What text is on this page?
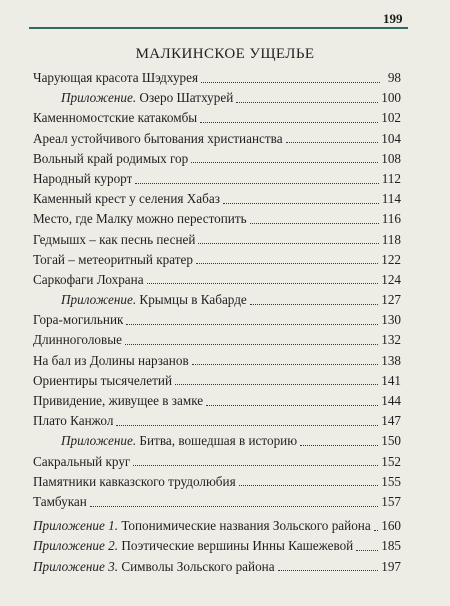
199
МАЛКИНСКОЕ УЩЕЛЬЕ
Чарующая красота Шэдхурея	98
Приложение. Озеро Шатхурей	100
Каменномостские катакомбы	102
Ареал устойчивого бытования христианства	104
Вольный край родимых гор	108
Народный курорт	112
Каменный крест у селения Хабаз	114
Место, где Малку можно перестопить	116
Гедмышх – как песнь песней	118
Тогай – метеоритный кратер	122
Саркофаги Лохрана	124
Приложение. Крымцы в Кабарде	127
Гора-могильник	130
Длинноголовые	132
На бал из Долины нарзанов	138
Ориентиры тысячелетий	141
Привидение, живущее в замке	144
Плато Канжол	147
Приложение. Битва, вошедшая в историю	150
Сакральный круг	152
Памятники кавказского трудолюбия	155
Тамбукан	157
Приложение 1. Топонимические названия Зольского района 160
Приложение 2. Поэтические вершины Инны Кашежевой 185
Приложение 3. Символы Зольского района	197
